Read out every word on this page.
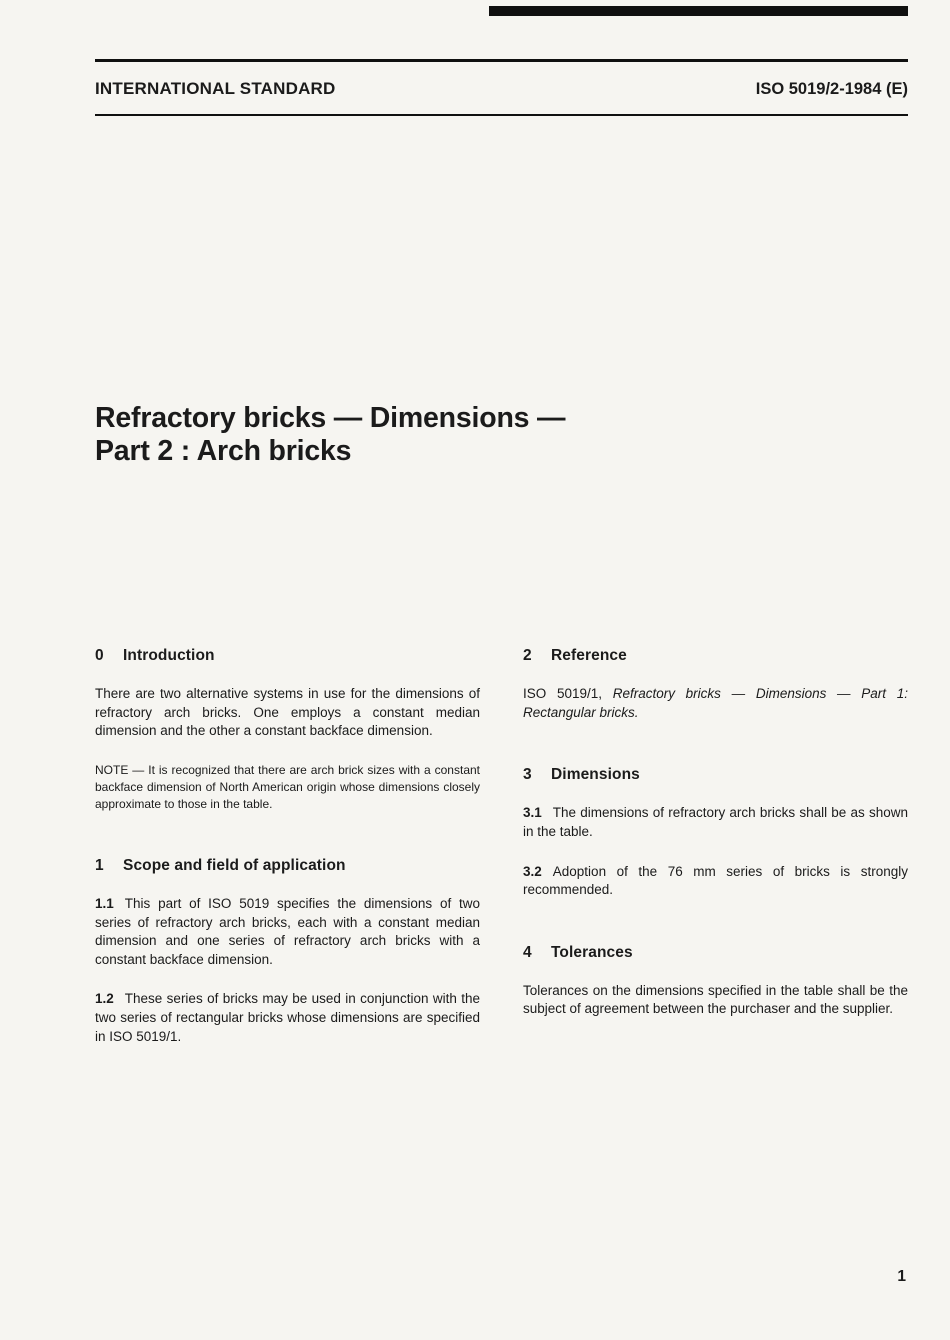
INTERNATIONAL STANDARD	ISO 5019/2-1984 (E)
Refractory bricks — Dimensions —
Part 2 : Arch bricks
0 Introduction

There are two alternative systems in use for the dimensions of refractory arch bricks. One employs a constant median dimension and the other a constant backface dimension.

NOTE — It is recognized that there are arch brick sizes with a constant backface dimension of North American origin whose dimensions closely approximate to those in the table.

1 Scope and field of application

1.1 This part of ISO 5019 specifies the dimensions of two series of refractory arch bricks, each with a constant median dimension and one series of refractory arch bricks with a constant backface dimension.

1.2 These series of bricks may be used in conjunction with the two series of rectangular bricks whose dimensions are specified in ISO 5019/1.

2 Reference

ISO 5019/1, Refractory bricks — Dimensions — Part 1: Rectangular bricks.

3 Dimensions

3.1 The dimensions of refractory arch bricks shall be as shown in the table.

3.2 Adoption of the 76 mm series of bricks is strongly recommended.

4 Tolerances

Tolerances on the dimensions specified in the table shall be the subject of agreement between the purchaser and the supplier.

1
